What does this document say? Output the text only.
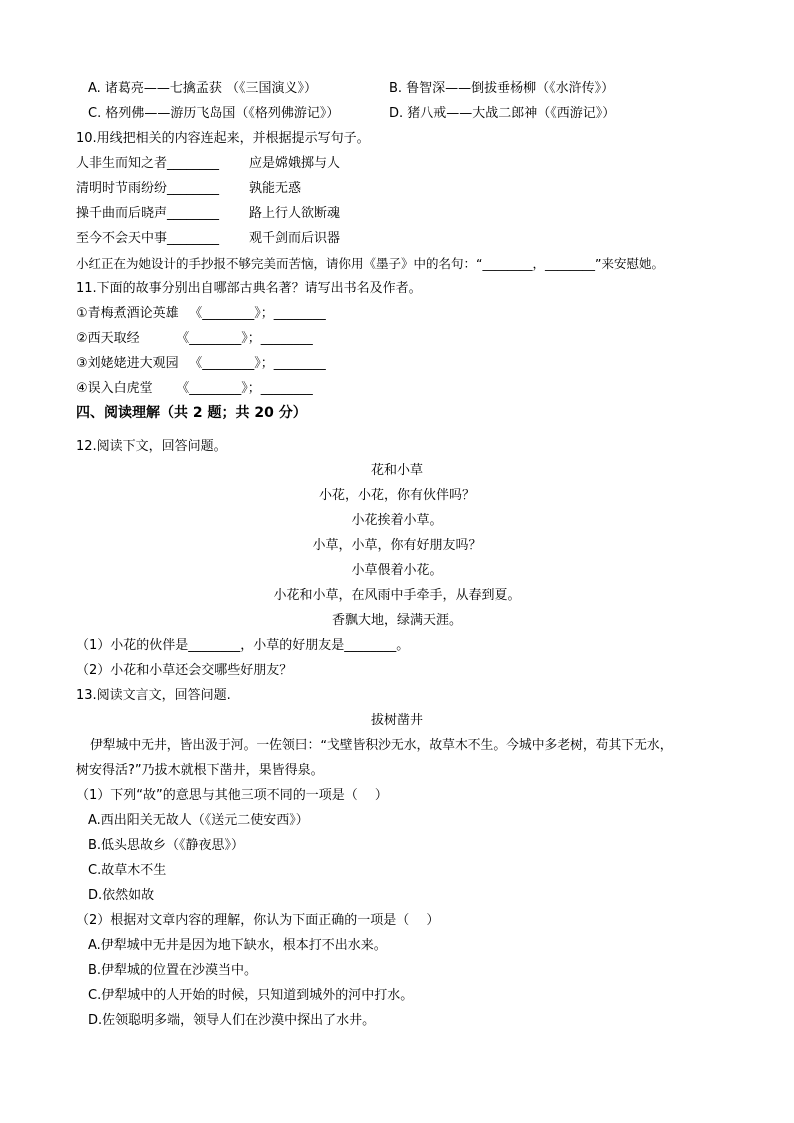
A. 诸葛亮——七擒孟获 （《三国演义》）	B. 鲁智深——倒拔垂杨柳（《水浒传》）
C. 格列佛——游历飞岛国（《格列佛游记》）	D. 猪八戒——大战二郎神（《西游记》）
10.用线把相关的内容连起来，并根据提示写句子。
人非生而知之者________ 应是嫦娥掷与人
清明时节雨纷纷________ 孰能无惑
操千曲而后晓声________ 路上行人欲断魂
至今不会天中事________ 观千剑而后识器
小红正在为她设计的手抄报不够完美而苦恼，请你用《墨子》中的名句：“________，________”来安慰她。
11.下面的故事分别出自哪部古典名著？请写出书名及作者。
①青梅煮酒论英雄 　《________》；________
②西天取经 　　　《________》；________
③刘姥姥进大观园 　《________》；________
④误入白虎堂 　　《________》；________
四、阅读理解（共 2 题；共 20 分）
12.阅读下文，回答问题。
花和小草
小花，小花，你有伙伴吗？
小花挨着小草。
小草，小草，你有好朋友吗？
小草偎着小花。
小花和小草，在风雨中手牵手，从春到夏。
香飘大地，绿满天涯。
（1）小花的伙伴是________，小草的好朋友是________。
（2）小花和小草还会交哪些好朋友？
13.阅读文言文，回答问题.
拔树凿井
伊犁城中无井，皆出汲于河。一佐领曰：“戈壁皆积沙无水，故草木不生。今城中多老树，苟其下无水，
树安得活?”乃拔木就根下凿井，果皆得泉。
（1）下列“故”的意思与其他三项不同的一项是（　 ）
A.西出阳关无故人（《送元二使安西》）
B.低头思故乡（《静夜思》）
C.故草木不生
D.依然如故
（2）根据对文章内容的理解，你认为下面正确的一项是（　 ）
A.伊犁城中无井是因为地下缺水，根本打不出水来。
B.伊犁城的位置在沙漠当中。
C.伊犁城中的人开始的时候，只知道到城外的河中打水。
D.佐领聪明多端，领导人们在沙漠中探出了水井。
